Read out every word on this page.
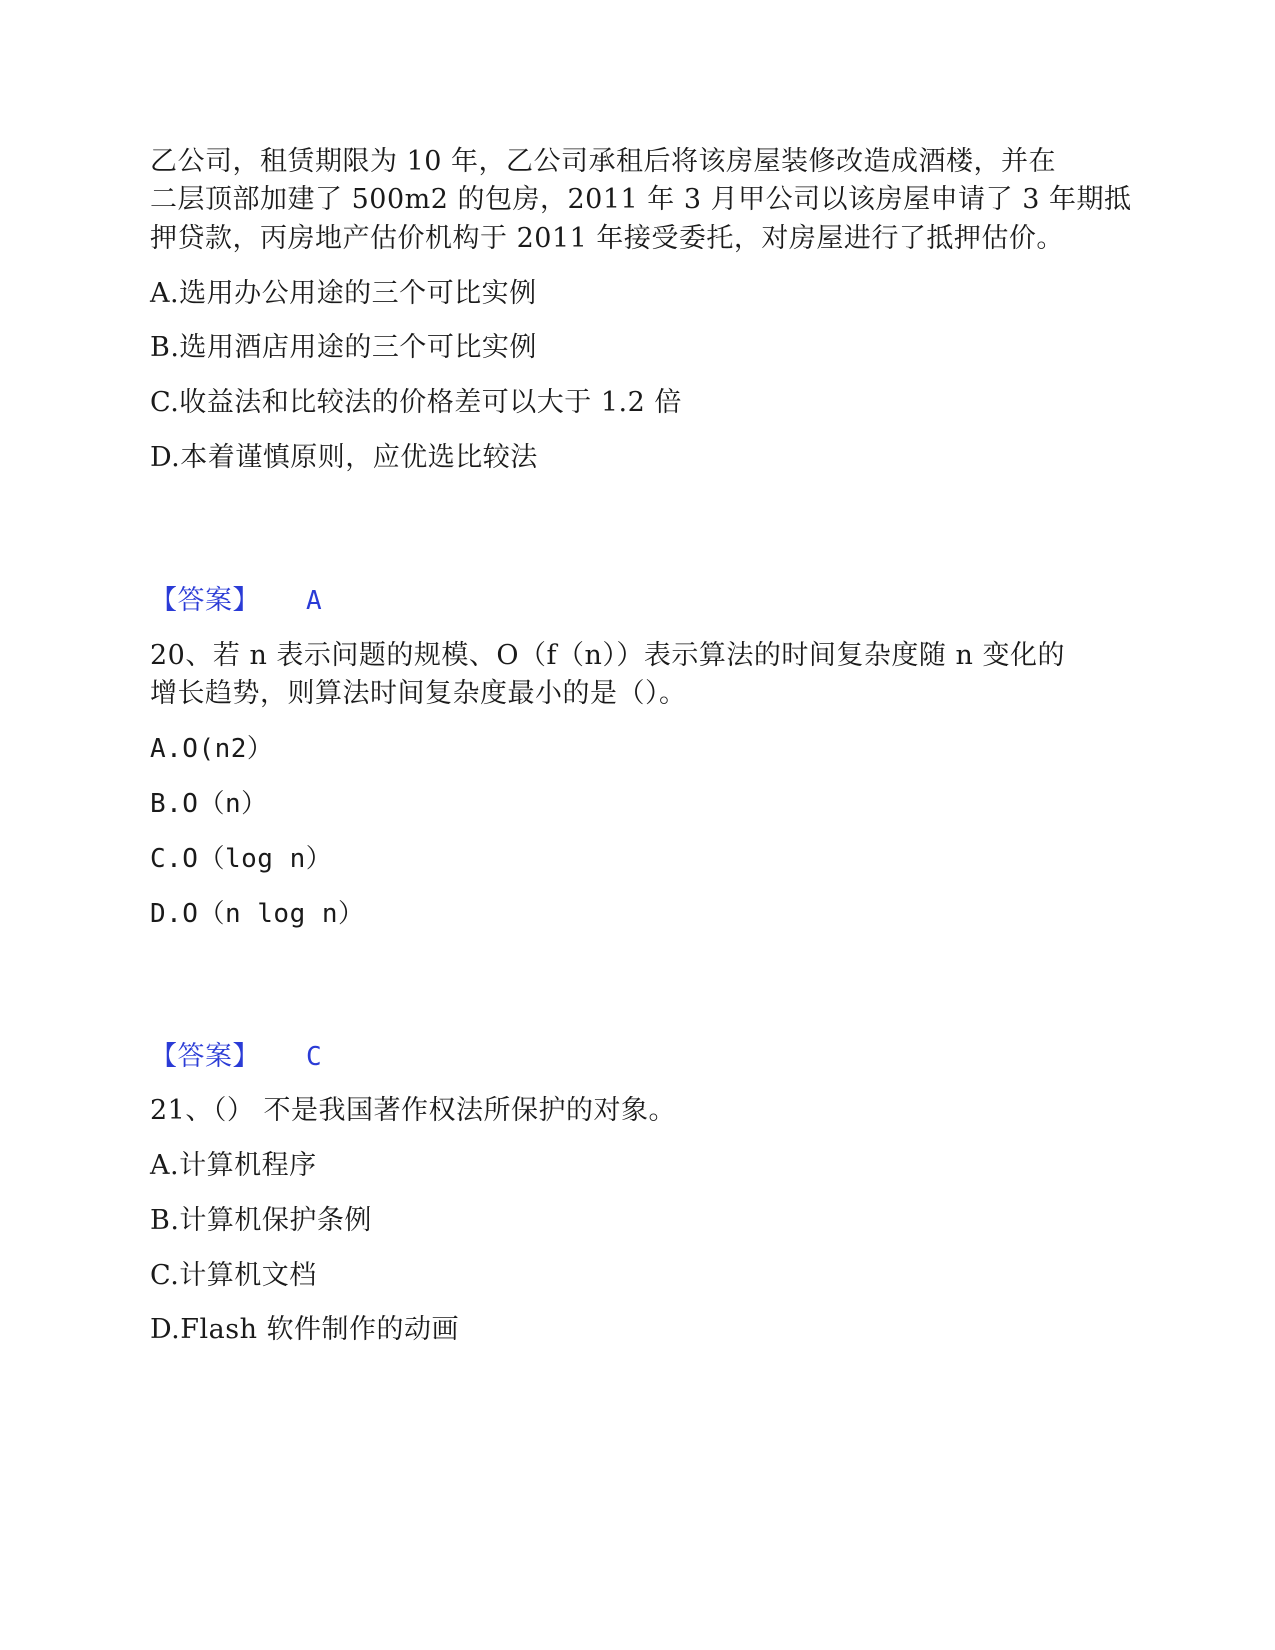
乙公司，租赁期限为 10 年，乙公司承租后将该房屋装修改造成酒楼，并在
二层顶部加建了 500m2 的包房，2011 年 3 月甲公司以该房屋申请了 3 年期抵
押贷款，丙房地产估价机构于 2011 年接受委托，对房屋进行了抵押估价。
A.选用办公用途的三个可比实例
B.选用酒店用途的三个可比实例
C.收益法和比较法的价格差可以大于 1.2 倍
D.本着谨慎原则，应优选比较法
【答案】 A
20、若 n 表示问题的规模、O（f（n））表示算法的时间复杂度随 n 变化的
增长趋势，则算法时间复杂度最小的是（）。
A.O(n2）
B.O（n）
C.O（log n）
D.O（n log n）
【答案】 C
21、（） 不是我国著作权法所保护的对象。
A.计算机程序
B.计算机保护条例
C.计算机文档
D.Flash 软件制作的动画
